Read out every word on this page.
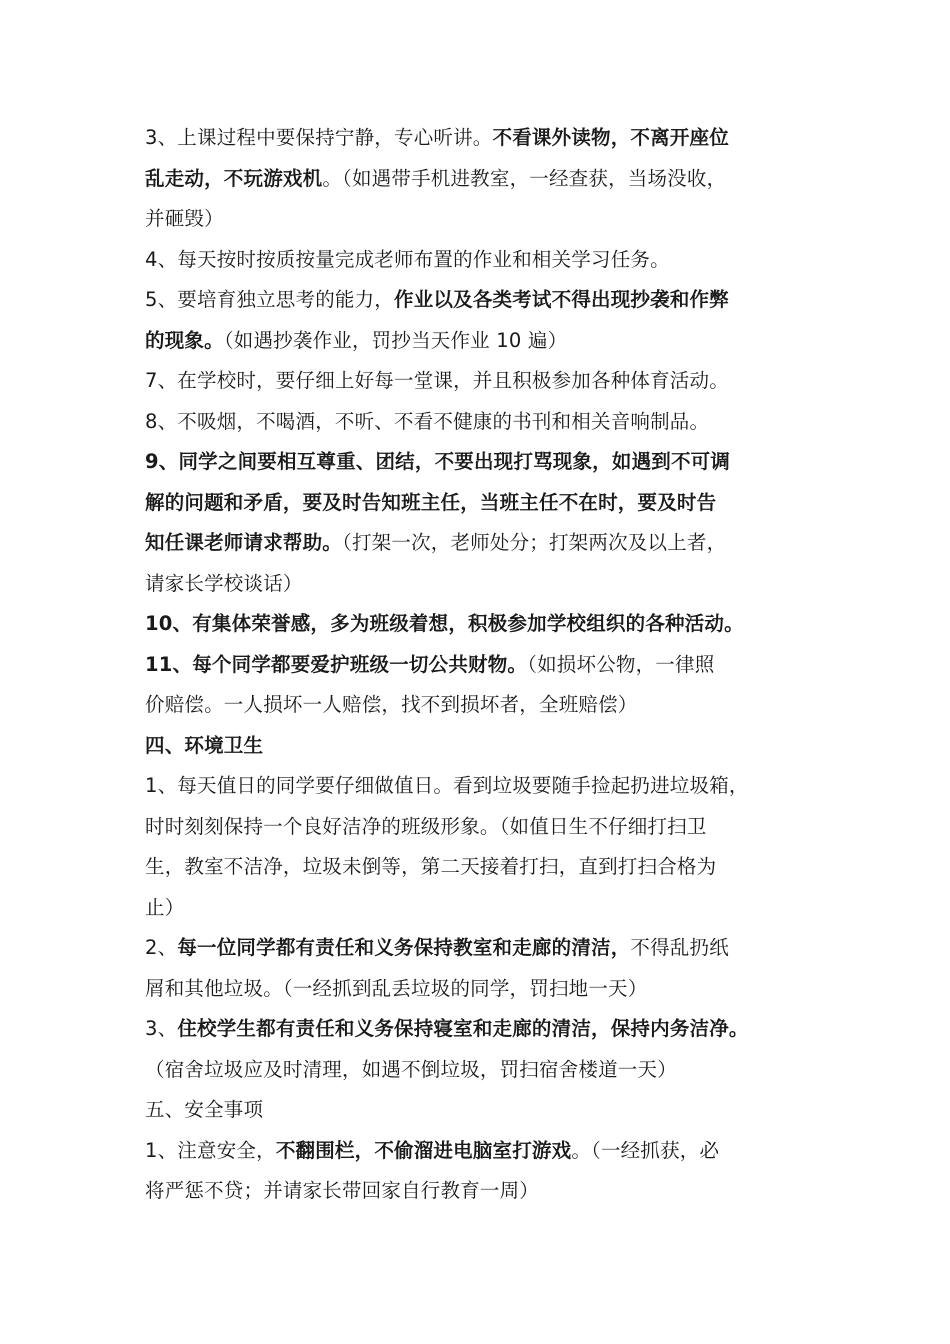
3、上课过程中要保持宁静，专心听讲。不看课外读物，不离开座位
乱走动，不玩游戏机。（如遇带手机进教室，一经查获，当场没收，
并砸毁）
4、每天按时按质按量完成老师布置的作业和相关学习任务。
5、要培育独立思考的能力，作业以及各类考试不得出现抄袭和作弊
的现象。（如遇抄袭作业，罚抄当天作业 10 遍）
7、在学校时，要仔细上好每一堂课，并且积极参加各种体育活动。
8、不吸烟，不喝酒，不听、不看不健康的书刊和相关音响制品。
9、同学之间要相互尊重、团结，不要出现打骂现象，如遇到不可调
解的问题和矛盾，要及时告知班主任，当班主任不在时，要及时告
知任课老师请求帮助。（打架一次，老师处分；打架两次及以上者，
请家长学校谈话）
10、有集体荣誉感，多为班级着想，积极参加学校组织的各种活动。
11、每个同学都要爱护班级一切公共财物。（如损坏公物，一律照
价赔偿。一人损坏一人赔偿，找不到损坏者，全班赔偿）
四、环境卫生
1、每天值日的同学要仔细做值日。看到垃圾要随手捡起扔进垃圾箱，
时时刻刻保持一个良好洁净的班级形象。（如值日生不仔细打扫卫
生，教室不洁净，垃圾未倒等，第二天接着打扫，直到打扫合格为
止）
2、每一位同学都有责任和义务保持教室和走廊的清洁，不得乱扔纸
屑和其他垃圾。（一经抓到乱丢垃圾的同学，罚扫地一天）
3、住校学生都有责任和义务保持寝室和走廊的清洁，保持内务洁净。
（宿舍垃圾应及时清理，如遇不倒垃圾，罚扫宿舍楼道一天）
五、安全事项
1、注意安全，不翻围栏，不偷溜进电脑室打游戏。（一经抓获，必
将严惩不贷；并请家长带回家自行教育一周）
